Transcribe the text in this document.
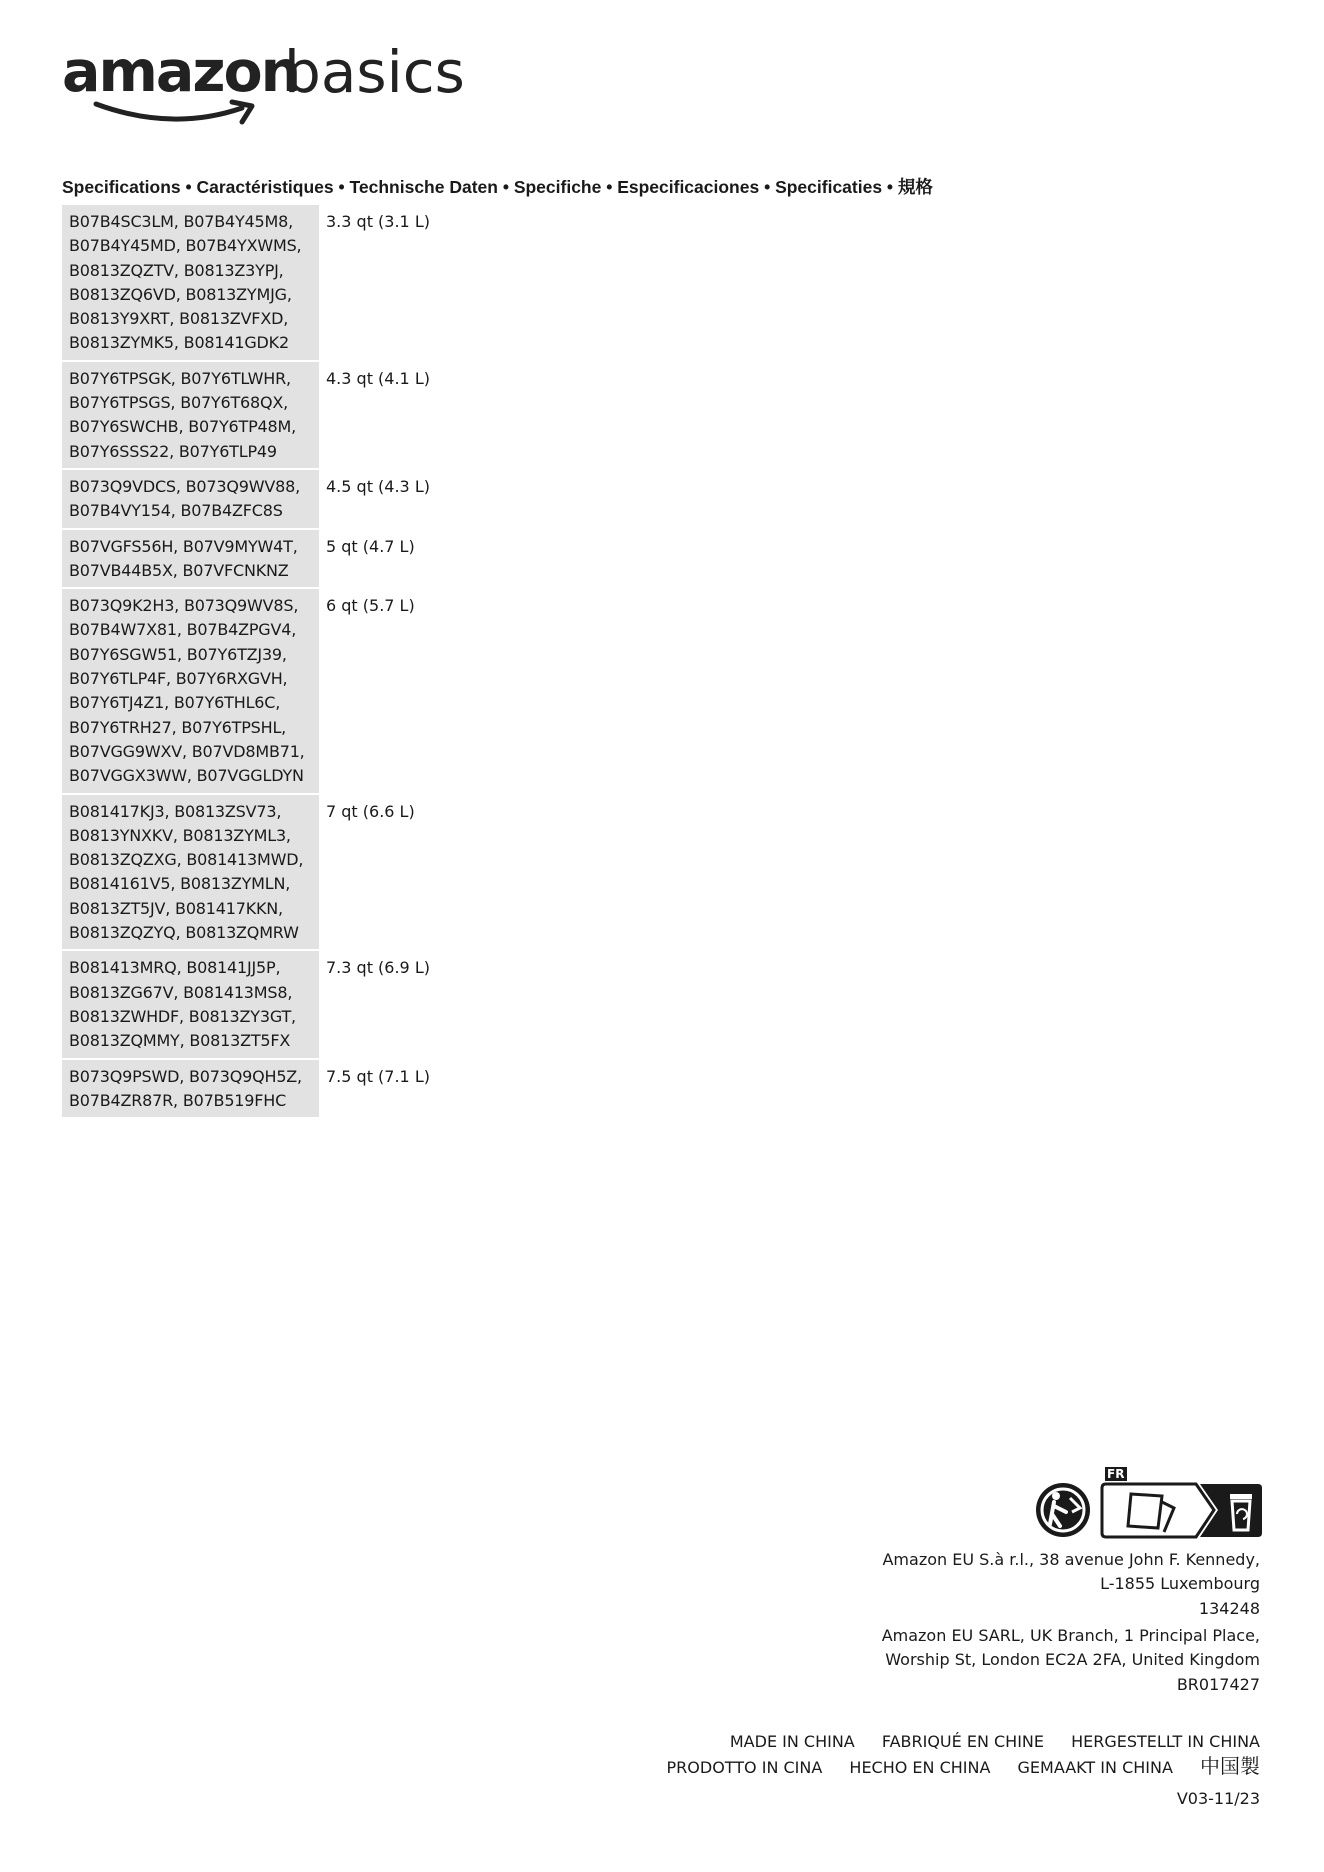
amazon
basics
Specifications • Caractéristiques • Technische Daten • Specifiche • Especificaciones • Specificaties • 規格
B07B4SC3LM, B07B4Y45M8,
B07B4Y45MD, B07B4YXWMS,
B0813ZQZTV, B0813Z3YPJ,
B0813ZQ6VD, B0813ZYMJG,
B0813Y9XRT, B0813ZVFXD,
B0813ZYMK5, B08141GDK2
3.3 qt (3.1 L)
B07Y6TPSGK, B07Y6TLWHR,
B07Y6TPSGS, B07Y6T68QX,
B07Y6SWCHB, B07Y6TP48M,
B07Y6SSS22, B07Y6TLP49
4.3 qt (4.1 L)
B073Q9VDCS, B073Q9WV88,
B07B4VY154, B07B4ZFC8S
4.5 qt (4.3 L)
B07VGFS56H, B07V9MYW4T,
B07VB44B5X, B07VFCNKNZ
5 qt (4.7 L)
B073Q9K2H3, B073Q9WV8S,
B07B4W7X81, B07B4ZPGV4,
B07Y6SGW51, B07Y6TZJ39,
B07Y6TLP4F, B07Y6RXGVH,
B07Y6TJ4Z1, B07Y6THL6C,
B07Y6TRH27, B07Y6TPSHL,
B07VGG9WXV, B07VD8MB71,
B07VGGX3WW, B07VGGLDYN
6 qt (5.7 L)
B081417KJ3, B0813ZSV73,
B0813YNXKV, B0813ZYML3,
B0813ZQZXG, B081413MWD,
B0814161V5, B0813ZYMLN,
B0813ZT5JV, B081417KKN,
B0813ZQZYQ, B0813ZQMRW
7 qt (6.6 L)
B081413MRQ, B08141JJ5P,
B0813ZG67V, B081413MS8,
B0813ZWHDF, B0813ZY3GT,
B0813ZQMMY, B0813ZT5FX
7.3 qt (6.9 L)
B073Q9PSWD, B073Q9QH5Z,
B07B4ZR87R, B07B519FHC
7.5 qt (7.1 L)
FR
Amazon EU S.à r.l., 38 avenue John F. Kennedy,
L-1855 Luxembourg
134248
Amazon EU SARL, UK Branch, 1 Principal Place,
Worship St, London EC2A 2FA, United Kingdom
BR017427
MADE IN CHINA FABRIQUÉ EN CHINE HERGESTELLT IN CHINA
PRODOTTO IN CINA HECHO EN CHINA GEMAAKT IN CHINA 中国製
V03-11/23
